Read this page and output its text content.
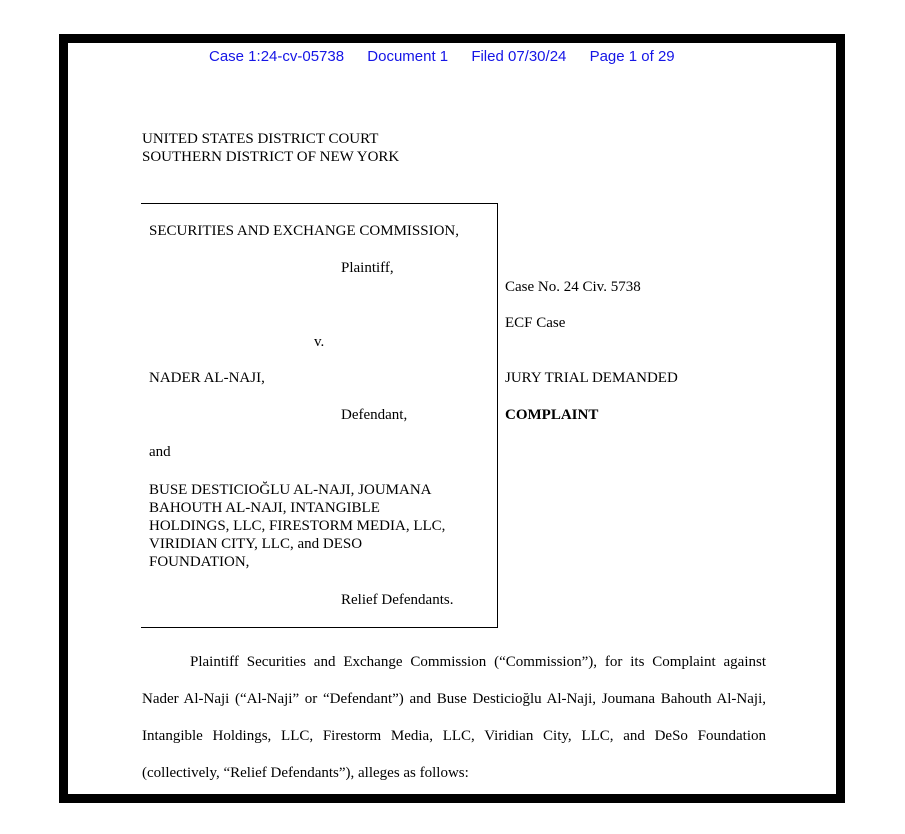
Case 1:24-cv-05738 Document 1 Filed 07/30/24 Page 1 of 29
UNITED STATES DISTRICT COURT
SOUTHERN DISTRICT OF NEW YORK
SECURITIES AND EXCHANGE COMMISSION,
Plaintiff,
v.
NADER AL-NAJI,
Defendant,
and
BUSE DESTICIOĞLU AL-NAJI, JOUMANA
BAHOUTH AL-NAJI, INTANGIBLE
HOLDINGS, LLC, FIRESTORM MEDIA, LLC,
VIRIDIAN CITY, LLC, and DESO
FOUNDATION,
Relief Defendants.
Case No. 24 Civ. 5738
ECF Case
JURY TRIAL DEMANDED
COMPLAINT
Plaintiff Securities and Exchange Commission (“Commission”), for its Complaint against Nader Al-Naji (“Al-Naji” or “Defendant”) and Buse Desticioğlu Al-Naji, Joumana Bahouth Al-Naji, Intangible Holdings, LLC, Firestorm Media, LLC, Viridian City, LLC, and DeSo Foundation (collectively, “Relief Defendants”), alleges as follows:
